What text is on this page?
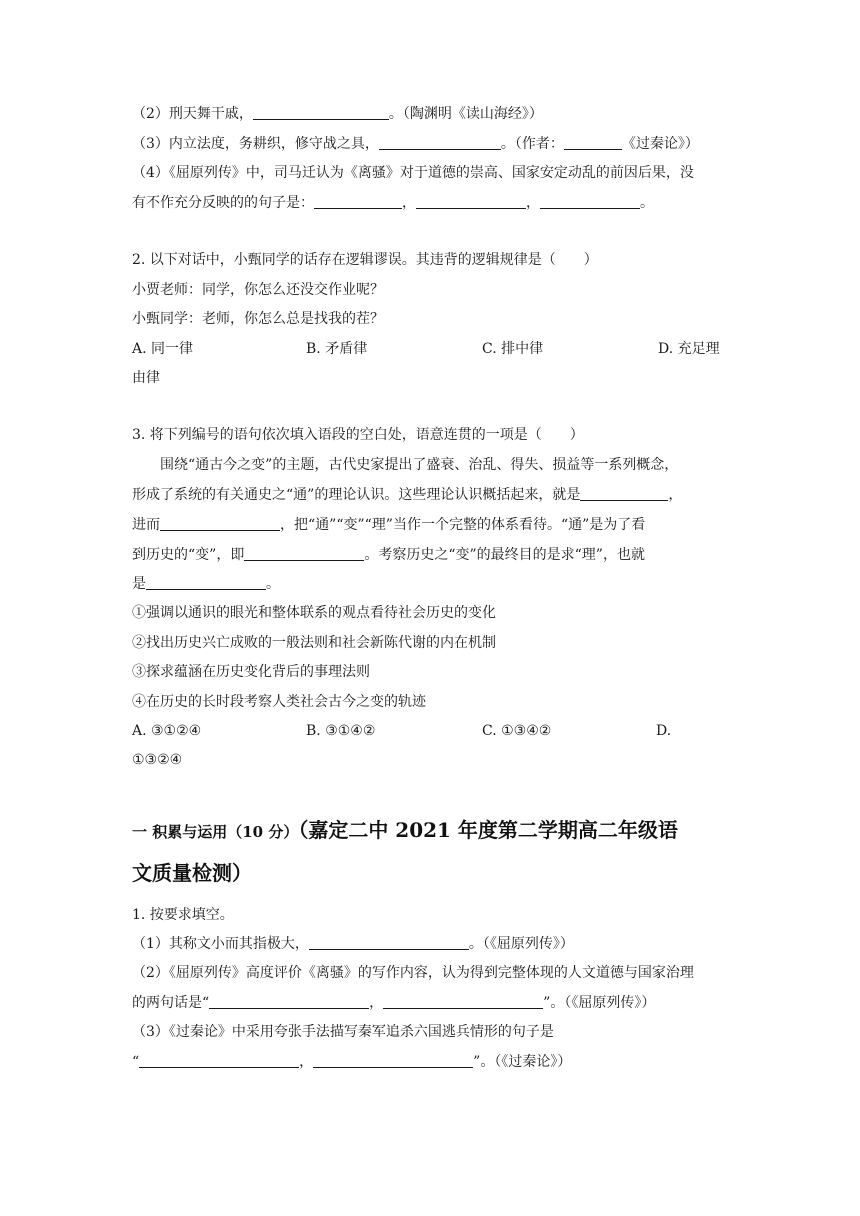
（2）刑天舞干戚，	。（陶渊明《读山海经》）
（3）内立法度，务耕织，修守战之具，	。（作者：	《过秦论》）
（4）《屈原列传》中，司马迁认为《离骚》对于道德的崇高、国家安定动乱的前因后果，没
有不作充分反映的的句子是：	，	，	。
2. 以下对话中，小甄同学的话存在逻辑谬误。其违背的逻辑规律是（　　）
小贾老师：同学，你怎么还没交作业呢？
小甄同学：老师，你怎么总是找我的茬？
A. 同一律	B. 矛盾律	C. 排中律	D. 充足理
由律
3. 将下列编号的语句依次填入语段的空白处，语意连贯的一项是（　　）
围绕“通古今之变”的主题，古代史家提出了盛衰、治乱、得失、损益等一系列概念，
形成了系统的有关通史之“通”的理论认识。这些理论认识概括起来，就是	，
进而	，把“通”“变”“理”当作一个完整的体系看待。“通”是为了看
到历史的“变”，即	。考察历史之“变”的最终目的是求“理”，也就
是	。
①强调以通识的眼光和整体联系的观点看待社会历史的变化
②找出历史兴亡成败的一般法则和社会新陈代谢的内在机制
③探求蕴涵在历史变化背后的事理法则
④在历史的长时段考察人类社会古今之变的轨迹
A. ③①②④	B. ③①④②	C. ①③④②	D.
①③②④
一 积累与运用（10 分）（嘉定二中 2021 年度第二学期高二年级语
文质量检测）
1. 按要求填空。
（1）其称文小而其指极大，	。（《屈原列传》）
（2）《屈原列传》高度评价《离骚》的写作内容，认为得到完整体现的人文道德与国家治理
的两句话是“	，	”。（《屈原列传》）
（3）《过秦论》中采用夸张手法描写秦军追杀六国逃兵情形的句子是
“	，	”。（《过秦论》）
